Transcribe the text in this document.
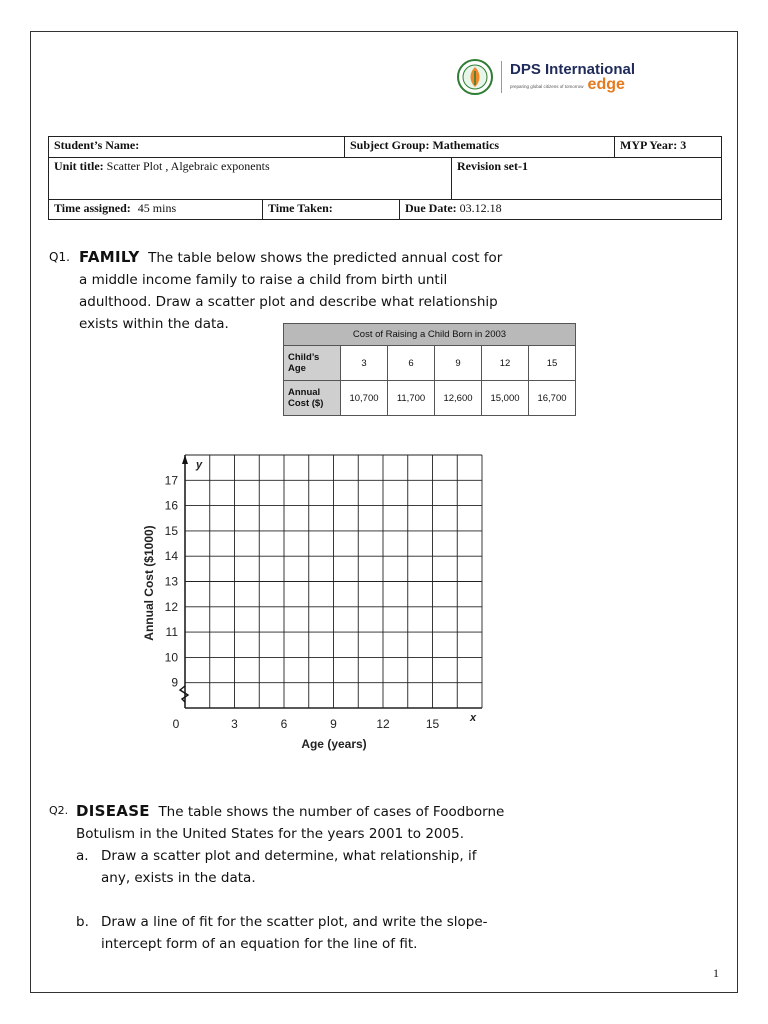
DPS International
preparing global citizens of tomorrow edge
Student’s Name:	Subject Group: Mathematics	MYP Year: 3
Unit title: Scatter Plot , Algebraic exponents	Revision set-1
Time assigned: 45 mins	Time Taken:	Due Date: 03.12.18
Q1. FAMILY The table below shows the predicted annual cost for
a middle income family to raise a child from birth until
adulthood. Draw a scatter plot and describe what relationship
exists within the data.
Cost of Raising a Child Born in 2003					
Child’s
Age	3	6	9	12	15
Annual
Cost ($)	10,700	11,700	12,600	15,000	16,700
9
10
11
12
13
14
15
16
17
0	3	6	9	12	15
y
x
Age (years)
Annual Cost ($1000)
Q2. DISEASE The table shows the number of cases of Foodborne
Botulism in the United States for the years 2001 to 2005.
a. Draw a scatter plot and determine, what relationship, if
any, exists in the data.
b. Draw a line of fit for the scatter plot, and write the slope-
intercept form of an equation for the line of fit.
1
